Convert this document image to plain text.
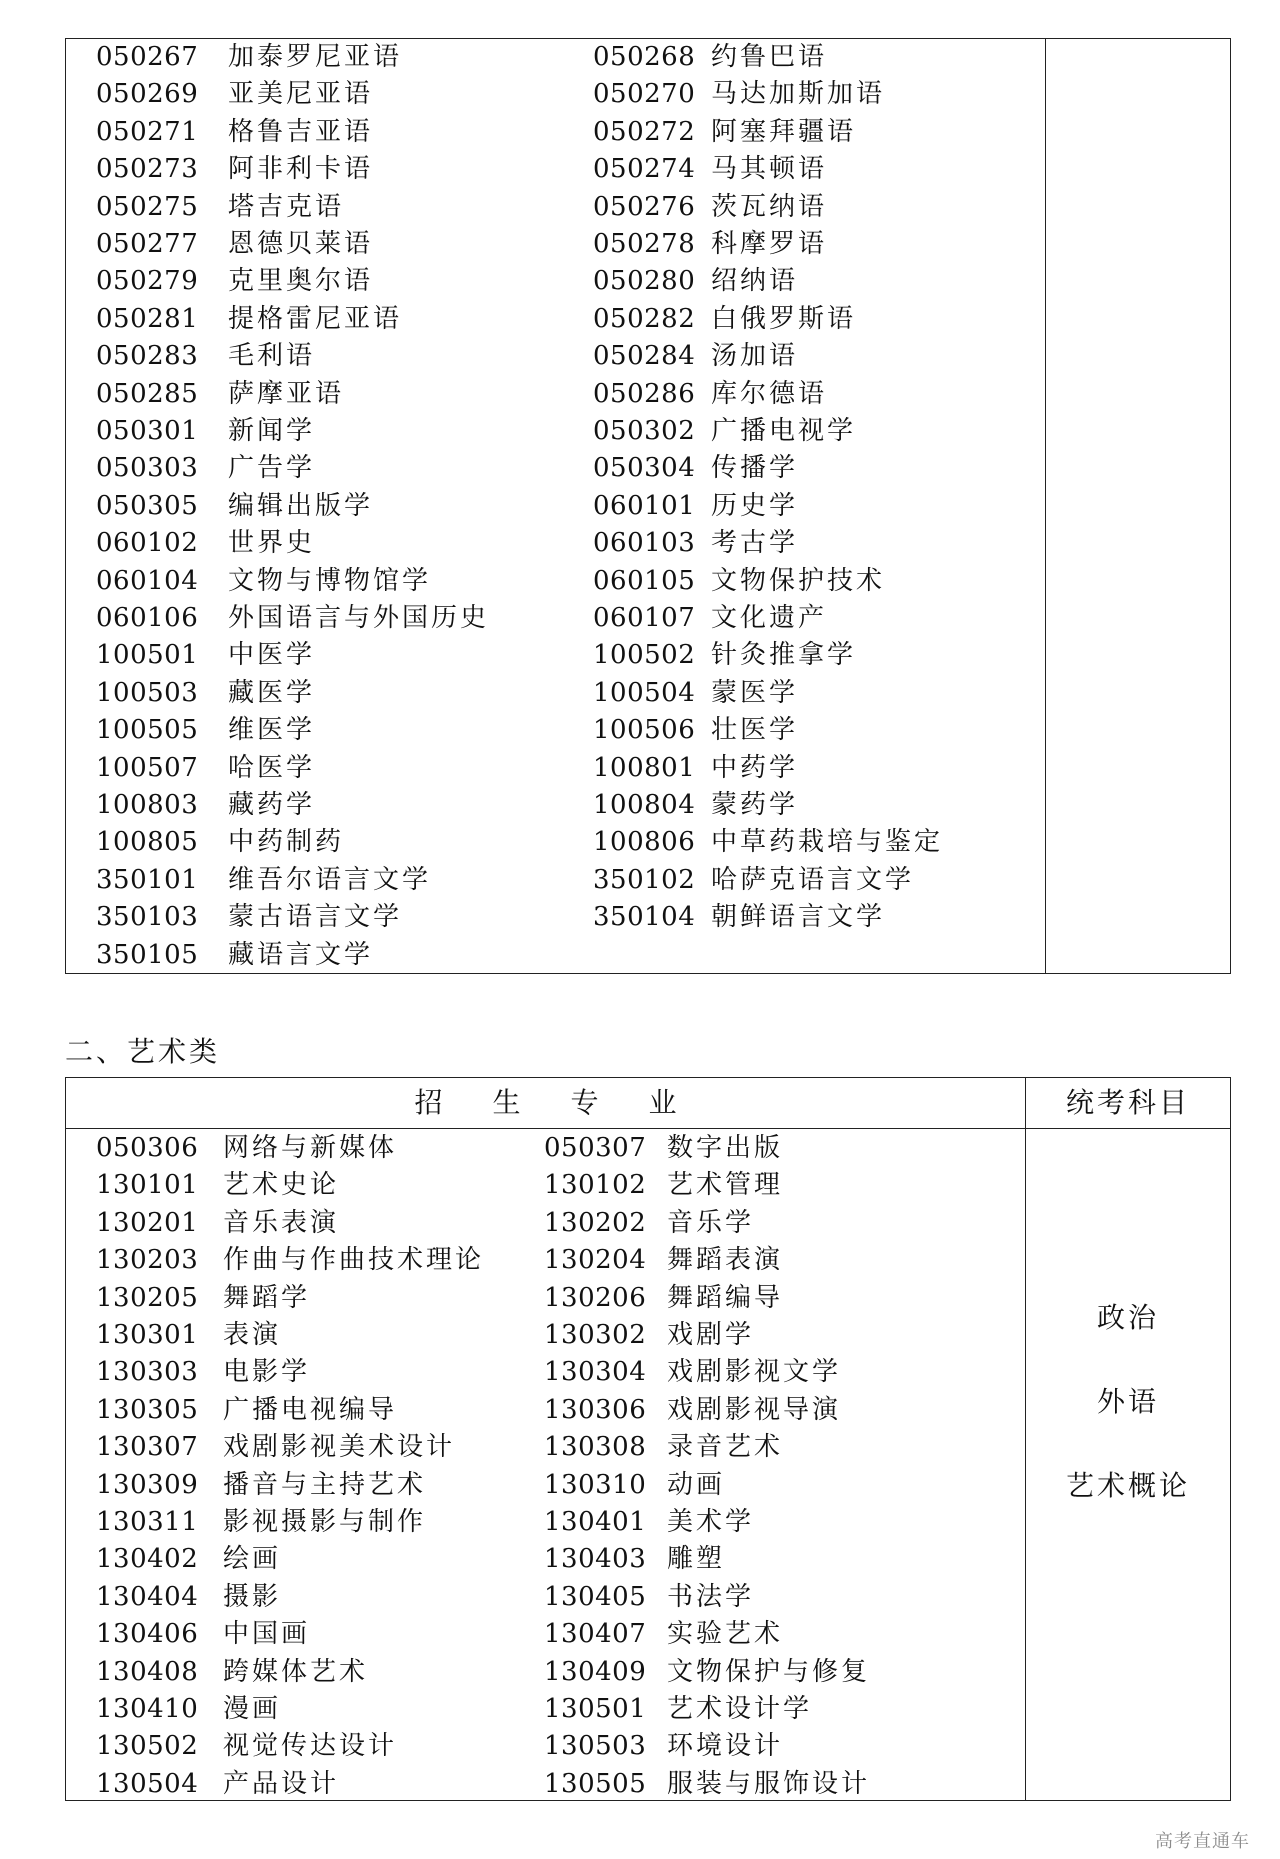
050267 加泰罗尼亚语	050268 约鲁巴语
050269 亚美尼亚语	050270 马达加斯加语
050271 格鲁吉亚语	050272 阿塞拜疆语
050273 阿非利卡语	050274 马其顿语
050275 塔吉克语	050276 茨瓦纳语
050277 恩德贝莱语	050278 科摩罗语
050279 克里奥尔语	050280 绍纳语
050281 提格雷尼亚语	050282 白俄罗斯语
050283 毛利语	050284 汤加语
050285 萨摩亚语	050286 库尔德语
050301 新闻学	050302 广播电视学
050303 广告学	050304 传播学
050305 编辑出版学	060101 历史学
060102 世界史	060103 考古学
060104 文物与博物馆学	060105 文物保护技术
060106 外国语言与外国历史	060107 文化遗产
100501 中医学	100502 针灸推拿学
100503 藏医学	100504 蒙医学
100505 维医学	100506 壮医学
100507 哈医学	100801 中药学
100803 藏药学	100804 蒙药学
100805 中药制药	100806 中草药栽培与鉴定
350101 维吾尔语言文学	350102 哈萨克语言文学
350103 蒙古语言文学	350104 朝鲜语言文学
350105 藏语言文学
二、艺术类
招生专业	统考科目
050306 网络与新媒体	050307 数字出版
130101 艺术史论	130102 艺术管理
130201 音乐表演	130202 音乐学
130203 作曲与作曲技术理论 130204 舞蹈表演
130205 舞蹈学	130206 舞蹈编导
130301 表演	130302 戏剧学
130303 电影学	130304 戏剧影视文学
130305 广播电视编导	130306 戏剧影视导演
130307 戏剧影视美术设计	130308 录音艺术
130309 播音与主持艺术	130310 动画
130311 影视摄影与制作	130401 美术学
130402 绘画	130403 雕塑
130404 摄影	130405 书法学
130406 中国画	130407 实验艺术
130408 跨媒体艺术	130409 文物保护与修复
130410 漫画	130501 艺术设计学
130502 视觉传达设计	130503 环境设计
130504 产品设计	130505 服装与服饰设计
政治
外语
艺术概论
高考直通车
